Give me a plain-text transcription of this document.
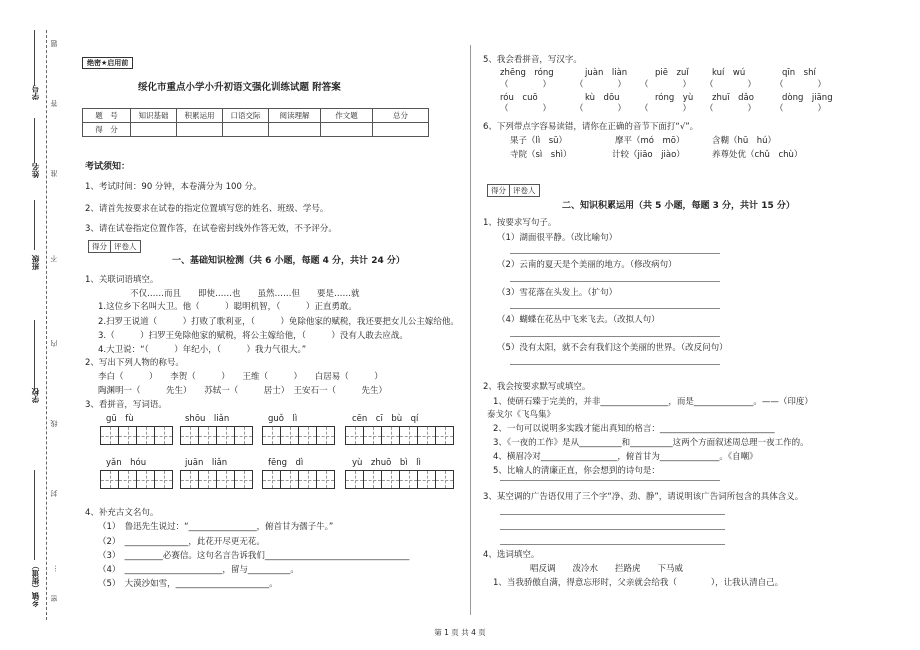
学号
姓名
班级
学校
乡镇（街道） 密
封
线
内
不
准
答
题
…
绝密★启用前
绥化市重点小学小升初语文强化训练试题 附答案
题　号	知识基础	积累运用	口语交际	阅读理解	作文题	总分
得　分						
考试须知：
1、考试时间：90 分钟，本卷满分为 100 分。
2、请首先按要求在试卷的指定位置填写您的姓名、班级、学号。
3、请在试卷指定位置作答，在试卷密封线外作答无效，不予评分。
得分 评卷人
一、基础知识检测（共 6 小题，每题 4 分，共计 24 分）
1、关联词语填空。
不仅……而且　　即使……也　　虽然……但　　要是……就
1.这位乡下名叫大卫。他（　　　）聪明机智，（　　　）正直勇敢。
2.扫罗王说道（　　　）打败了歌利亚，（　　　）免除他家的赋税，我还要把女儿公主嫁给他。
3.（　　　）扫罗王免除他家的赋税，将公主嫁给他，（　　　）没有人敢去应战。
4.大卫说：“（　　　）年纪小，（　　　）我力气很大。”
2、写出下列人物的称号。
李白（　　　）　　李贺（　　　）　　王维（　　　）　　白居易（　　　）
陶渊明一（　　　先生）　　苏轼一（　　　居士）　王安石一（　　　先生）
3、看拼音，写词语。
gū　fù	shōu　liǎn	guǒ　lì	cēn　cī　bù　qí
yǎn　hóu	juān　liǎn	fēng　dì	yù　zhuō　bì　lì
4、补充古文名句。
（1）　鲁迅先生说过：“________________，俯首甘为孺子牛。”
（2）　_______________，此花开尽更无花。
（3）　_________必赛信。这句名言告诉我们__________________________________
（4）　_______________________，留与__________。
（5）　大漠沙如雪，______________________。
5、我会看拼音，写汉字。
zhēng　róng	juàn　liàn	piē　zuǐ	kuí　wú	qīn　shí
（　　　　）	（　　　　） （　　　　） （　　　　） （　　　　）
róu　cuō	kù　dōu	róng　yù zhuī　dǎo	dòng　jiāng
（　　　　）	（　　　　） （　　　　） （　　　　） （　　　　）
6、下列带点字容易读错，请你在正确的音节下面打“√”。
果子（lì　sū）	摩平（mó　mō）	含糊（hū　hú）
寺院（sì　shì）	计较（jiāo　jiào）	养尊处优（chǔ　chù）
得分 评卷人
二、知识积累运用（共 5 小题，每题 3 分，共计 15 分）
1、按要求写句子。
（1）湖面很平静。（改比喻句）
（2）云南的夏天是个美丽的地方。（修改病句）
（3）雪花落在头发上。（扩句）
（4）蝴蝶在花丛中飞来飞去。（改拟人句）
（5）没有太阳，就不会有我们这个美丽的世界。（改反问句）
2、我会按要求默写或填空。
1、使研石臻于完美的，并非________________，而是______________。——（印度）
泰戈尔《飞鸟集》
2、一句可以说明多实践才能出真知的格言：___________________________
3、《一夜的工作》是从__________和__________这两个方面叙述周总理一夜工作的。
4、横眉冷对__________________，俯首甘为______________。《自嘲》
5、比喻人的清廉正直，你会想到的诗句是：
3、某空调的广告语仅用了三个字“净、劲、静”，请说明该广告词所包含的具体含义。
4、选词填空。
唱反调　　泼冷水　　拦路虎　　下马威
1、当我骄傲自满，得意忘形时，父亲就会给我（　　　　），让我认清自己。
第 1 页 共 4 页
